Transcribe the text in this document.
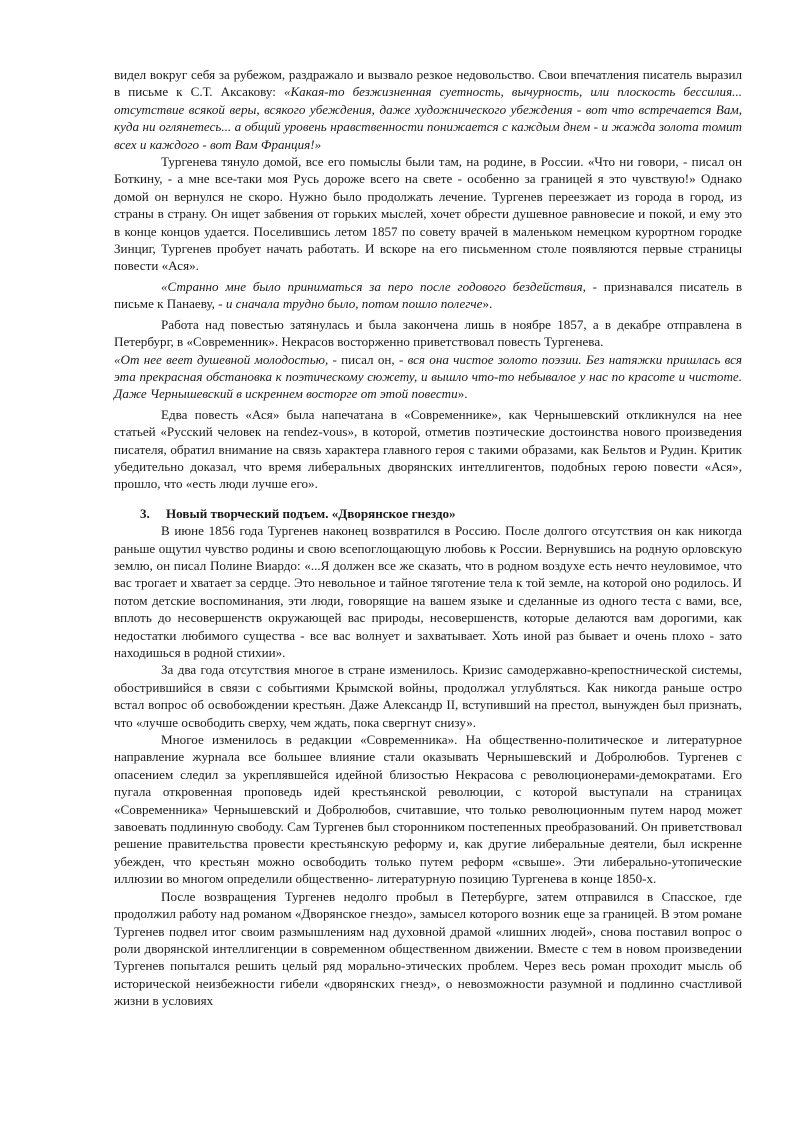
видел вокруг себя за рубежом, раздражало и вызвало резкое недовольство. Свои впечатления писатель выразил в письме к С.Т. Аксакову: «Какая-то безжизненная суетность, вычурность, или плоскость бессилия... отсутствие всякой веры, всякого убеждения, даже художнического убеждения - вот что встречается Вам, куда ни оглянетесь... а общий уровень нравственности понижается с каждым днем - и жажда золота томит всех и каждого - вот Вам Франция!»

Тургенева тянуло домой, все его помыслы были там, на родине, в России. «Что ни говори, - писал он Боткину, - а мне все-таки моя Русь дороже всего на свете - особенно за границей я это чувствую!» Однако домой он вернулся не скоро. Нужно было продолжать лечение. Тургенев переезжает из города в город, из страны в страну. Он ищет забвения от горьких мыслей, хочет обрести душевное равновесие и покой, и ему это в конце концов удается. Поселившись летом 1857 по совету врачей в маленьком немецком курортном городке Зинциг, Тургенев пробует начать работать. И вскоре на его письменном столе появляются первые страницы повести «Ася».

«Странно мне было приниматься за перо после годового бездействия, - признавался писатель в письме к Панаеву, - и сначала трудно было, потом пошло полегче».

Работа над повестью затянулась и была закончена лишь в ноябре 1857, а в декабре отправлена в Петербург, в «Современник». Некрасов восторженно приветствовал повесть Тургенева.

«От нее веет душевной молодостью, - писал он, - вся она чистое золото поэзии. Без натяжки пришлась вся эта прекрасная обстановка к поэтическому сюжету, и вышло что-то небывалое у нас по красоте и чистоте. Даже Чернышевский в искреннем восторге от этой повести».

Едва повесть «Ася» была напечатана в «Современнике», как Чернышевский откликнулся на нее статьей «Русский человек на rendez-vous», в которой, отметив поэтические достоинства нового произведения писателя, обратил внимание на связь характера главного героя с такими образами, как Бельтов и Рудин. Критик убедительно доказал, что время либеральных дворянских интеллигентов, подобных герою повести «Ася», прошло, что «есть люди лучше его».

3. Новый творческий подъем. «Дворянское гнездо»

В июне 1856 года Тургенев наконец возвратился в Россию. После долгого отсутствия он как никогда раньше ощутил чувство родины и свою всепоглощающую любовь к России. Вернувшись на родную орловскую землю, он писал Полине Виардо: «...Я должен все же сказать, что в родном воздухе есть нечто неуловимое, что вас трогает и хватает за сердце. Это невольное и тайное тяготение тела к той земле, на которой оно родилось. И потом детские воспоминания, эти люди, говорящие на вашем языке и сделанные из одного теста с вами, все, вплоть до несовершенств окружающей вас природы, несовершенств, которые делаются вам дорогими, как недостатки любимого существа - все вас волнует и захватывает. Хоть иной раз бывает и очень плохо - зато находишься в родной стихии».

За два года отсутствия многое в стране изменилось. Кризис самодержавно-крепостнической системы, обострившийся в связи с событиями Крымской войны, продолжал углубляться. Как никогда раньше остро встал вопрос об освобождении крестьян. Даже Александр II, вступивший на престол, вынужден был признать, что «лучше освободить сверху, чем ждать, пока свергнут снизу».

Многое изменилось в редакции «Современника». На общественно-политическое и литературное направление журнала все большее влияние стали оказывать Чернышевский и Добролюбов. Тургенев с опасением следил за укреплявшейся идейной близостью Некрасова с революционерами-демократами. Его пугала откровенная проповедь идей крестьянской революции, с которой выступали на страницах «Современника» Чернышевский и Добролюбов, считавшие, что только революционным путем народ может завоевать подлинную свободу. Сам Тургенев был сторонником постепенных преобразований. Он приветствовал решение правительства провести крестьянскую реформу и, как другие либеральные деятели, был искренне убежден, что крестьян можно освободить только путем реформ «свыше». Эти либерально-утопические иллюзии во многом определили общественно- литературную позицию Тургенева в конце 1850-х.

После возвращения Тургенев недолго пробыл в Петербурге, затем отправился в Спасское, где продолжил работу над романом «Дворянское гнездо», замысел которого возник еще за границей. В этом романе Тургенев подвел итог своим размышлениям над духовной драмой «лишних людей», снова поставил вопрос о роли дворянской интеллигенции в современном общественном движении. Вместе с тем в новом произведении Тургенев попытался решить целый ряд морально-этических проблем. Через весь роман проходит мысль об исторической неизбежности гибели «дворянских гнезд», о невозможности разумной и подлинно счастливой жизни в условиях
